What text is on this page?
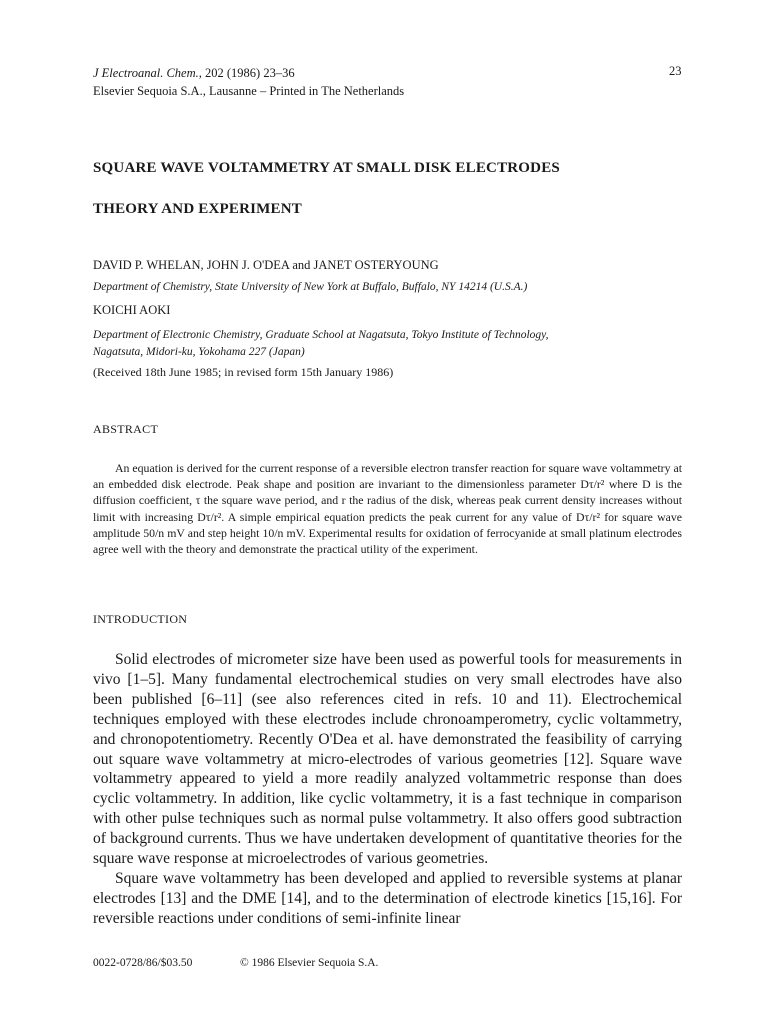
J Electroanal. Chem., 202 (1986) 23–36
Elsevier Sequoia S.A., Lausanne – Printed in The Netherlands
23
SQUARE WAVE VOLTAMMETRY AT SMALL DISK ELECTRODES
THEORY AND EXPERIMENT
DAVID P. WHELAN, JOHN J. O'DEA and JANET OSTERYOUNG
Department of Chemistry, State University of New York at Buffalo, Buffalo, NY 14214 (U.S.A.)
KOICHI AOKI
Department of Electronic Chemistry, Graduate School at Nagatsuta, Tokyo Institute of Technology,
Nagatsuta, Midori-ku, Yokohama 227 (Japan)
(Received 18th June 1985; in revised form 15th January 1986)
ABSTRACT
An equation is derived for the current response of a reversible electron transfer reaction for square wave voltammetry at an embedded disk electrode. Peak shape and position are invariant to the dimensionless parameter Dτ/r² where D is the diffusion coefficient, τ the square wave period, and r the radius of the disk, whereas peak current density increases without limit with increasing Dτ/r². A simple empirical equation predicts the peak current for any value of Dτ/r² for square wave amplitude 50/n mV and step height 10/n mV. Experimental results for oxidation of ferrocyanide at small platinum electrodes agree well with the theory and demonstrate the practical utility of the experiment.
INTRODUCTION

Solid electrodes of micrometer size have been used as powerful tools for measurements in vivo [1–5]. Many fundamental electrochemical studies on very small electrodes have also been published [6–11] (see also references cited in refs. 10 and 11). Electrochemical techniques employed with these electrodes include chronoamperometry, cyclic voltammetry, and chronopotentiometry. Recently O'Dea et al. have demonstrated the feasibility of carrying out square wave voltammetry at micro-electrodes of various geometries [12]. Square wave voltammetry appeared to yield a more readily analyzed voltammetric response than does cyclic voltammetry. In addition, like cyclic voltammetry, it is a fast technique in comparison with other pulse techniques such as normal pulse voltammetry. It also offers good subtraction of background currents. Thus we have undertaken development of quantitative theories for the square wave response at microelectrodes of various geometries.

Square wave voltammetry has been developed and applied to reversible systems at planar electrodes [13] and the DME [14], and to the determination of electrode kinetics [15,16]. For reversible reactions under conditions of semi-infinite linear

0022-0728/86/$03.50	© 1986 Elsevier Sequoia S.A.
